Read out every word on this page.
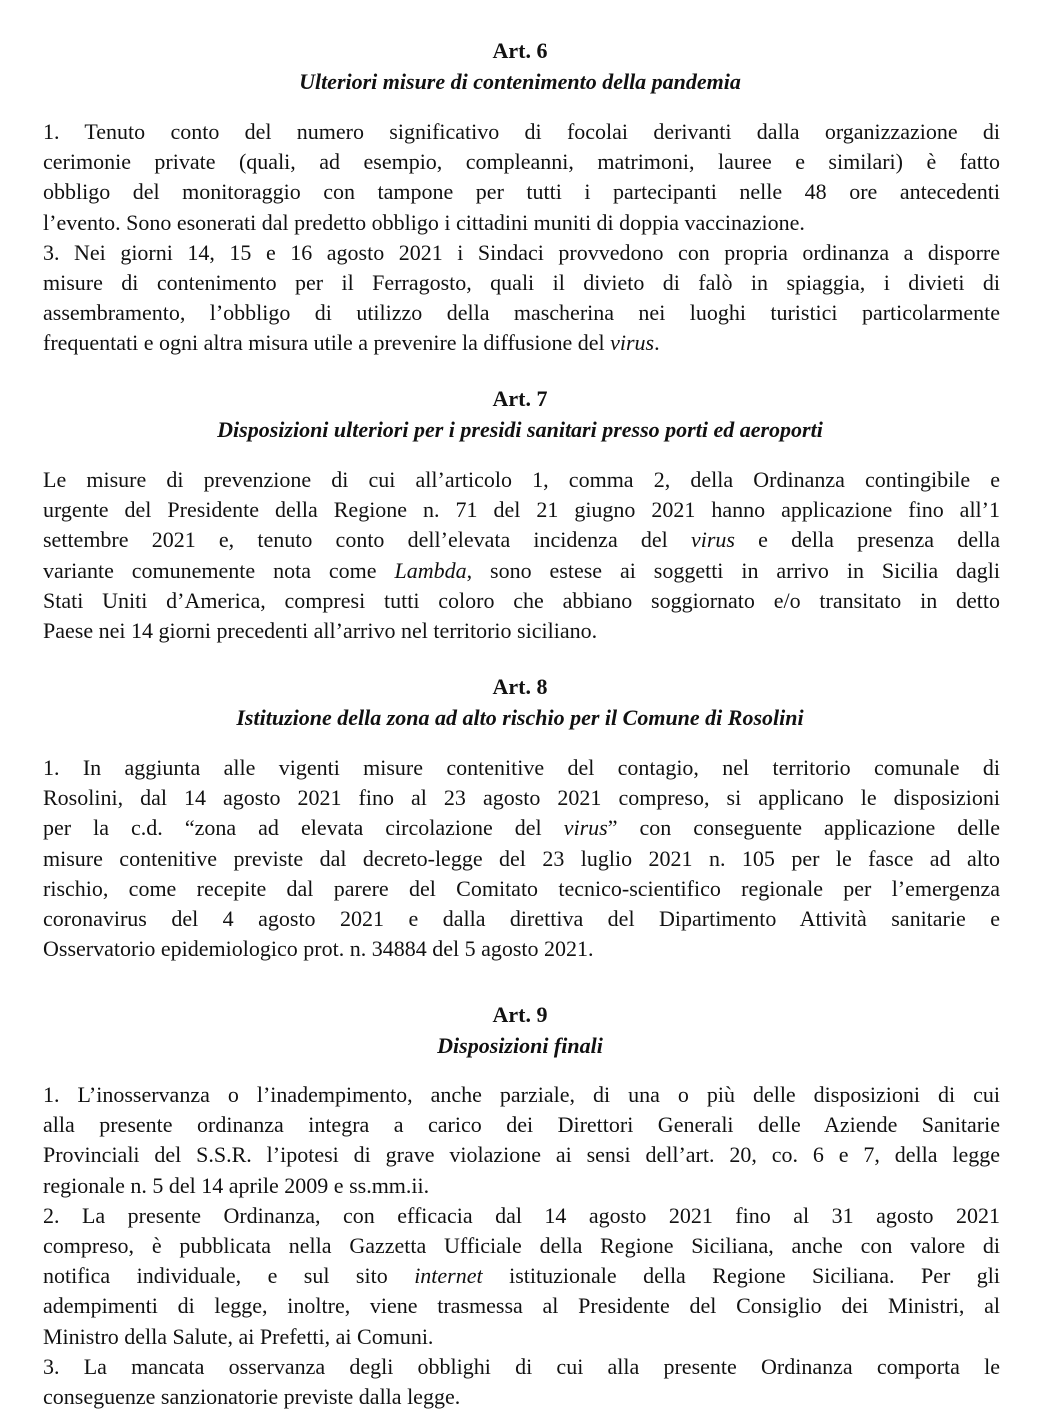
Art. 6
Ulteriori misure di contenimento della pandemia
1. Tenuto conto del numero significativo di focolai derivanti dalla organizzazione di
cerimonie private (quali, ad esempio, compleanni, matrimoni, lauree e similari) è fatto
obbligo del monitoraggio con tampone per tutti i partecipanti nelle 48 ore antecedenti
l’evento. Sono esonerati dal predetto obbligo i cittadini muniti di doppia vaccinazione.
3. Nei giorni 14, 15 e 16 agosto 2021 i Sindaci provvedono con propria ordinanza a disporre
misure di contenimento per il Ferragosto, quali il divieto di falò in spiaggia, i divieti di
assembramento, l’obbligo di utilizzo della mascherina nei luoghi turistici particolarmente
frequentati e ogni altra misura utile a prevenire la diffusione del virus.
Art. 7
Disposizioni ulteriori per i presidi sanitari presso porti ed aeroporti
Le misure di prevenzione di cui all’articolo 1, comma 2, della Ordinanza contingibile e
urgente del Presidente della Regione n. 71 del 21 giugno 2021 hanno applicazione fino all’1
settembre 2021 e, tenuto conto dell’elevata incidenza del virus e della presenza della
variante comunemente nota come Lambda, sono estese ai soggetti in arrivo in Sicilia dagli
Stati Uniti d’America, compresi tutti coloro che abbiano soggiornato e/o transitato in detto
Paese nei 14 giorni precedenti all’arrivo nel territorio siciliano.
Art. 8
Istituzione della zona ad alto rischio per il Comune di Rosolini
1. In aggiunta alle vigenti misure contenitive del contagio, nel territorio comunale di
Rosolini, dal 14 agosto 2021 fino al 23 agosto 2021 compreso, si applicano le disposizioni
per la c.d. “zona ad elevata circolazione del virus” con conseguente applicazione delle
misure contenitive previste dal decreto-legge del 23 luglio 2021 n. 105 per le fasce ad alto
rischio, come recepite dal parere del Comitato tecnico-scientifico regionale per l’emergenza
coronavirus del 4 agosto 2021 e dalla direttiva del Dipartimento Attività sanitarie e
Osservatorio epidemiologico prot. n. 34884 del 5 agosto 2021.
Art. 9
Disposizioni finali
1. L’inosservanza o l’inadempimento, anche parziale, di una o più delle disposizioni di cui
alla presente ordinanza integra a carico dei Direttori Generali delle Aziende Sanitarie
Provinciali del S.S.R. l’ipotesi di grave violazione ai sensi dell’art. 20, co. 6 e 7, della legge
regionale n. 5 del 14 aprile 2009 e ss.mm.ii.
2. La presente Ordinanza, con efficacia dal 14 agosto 2021 fino al 31 agosto 2021
compreso, è pubblicata nella Gazzetta Ufficiale della Regione Siciliana, anche con valore di
notifica individuale, e sul sito internet istituzionale della Regione Siciliana. Per gli
adempimenti di legge, inoltre, viene trasmessa al Presidente del Consiglio dei Ministri, al
Ministro della Salute, ai Prefetti, ai Comuni.
3. La mancata osservanza degli obblighi di cui alla presente Ordinanza comporta le
conseguenze sanzionatorie previste dalla legge.
